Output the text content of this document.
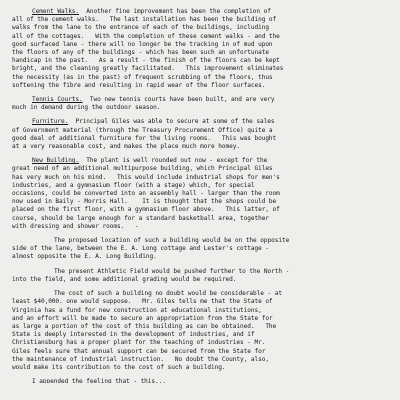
Cement Walks. Another fine improvement has been the completion of
all of the cement walks.   The last installation has been the building of
walks from the lane to the entrance of each of the buildings, including
all of the cottages.   With the completion of these cement walks - and the
good surfaced lane - there will no longer be the tracking in of mud upon
the floors of any of the buildings - which has been such an unfortunate
handicap in the past.   As a result - the finish of the floors can be kept
bright, and the cleaning greatly facilitated.   This improvement eliminates
the necessity (as in the past) of frequent scrubbing of the floors, thus
softening the fibre and resulting in rapid wear of the floor surfaces.
Tennis Courts. Two new tennis courts have been built, and are very
much in demand during the outdoor season.
Furniture. Principal Giles was able to secure at some of the sales
of Government material (through the Treasury Procurement Office) quite a
good deal of additional furniture for the living rooms.   This was bought
at a very reasonable cost, and makes the place much more homey.
New Building. The plant is well rounded out now - except for the
great need of an additional multipurpose building, which Principal Giles
has very much on his mind.   This would include industrial shops for men's
industries, and a gymnasium floor (with a stage) which, for special
occasions, could be converted into an assembly hall - larger than the room
now used in Baily - Morris Hall.    It is thought that the shops could be
placed on the first floor, with a gymnasium floor above.   This latter, of
course, should be large enough for a standard basketball area, together
with dressing and shower rooms.   -
The proposed location of such a building would be on the opposite
side of the lane, between the E. A. Long cottage and Lester's cottage -
almost opposite the E. A. Long Building.
The present Athletic Field would be pushed further to the North -
into the field, and some additional grading would be required.
The cost of such a building no doubt would be considerable - at
least $40,000. one would suppose.   Mr. Giles tells me that the State of
Virginia has a fund for new construction at educational institutions,
and an effort will be made to secure an appropriation from the State for
as large a portion of the cost of this building as can be obtained.   The
State is deeply interested in the development of industries, and if
Christiansburg has a proper plant for the teaching of industries - Mr.
Giles feels sure that annual support can be secured from the State for
the maintenance of industrial instruction.   No doubt the County, also,
would make its contribution to the cost of such a building.
I appended the feeling that - this...
